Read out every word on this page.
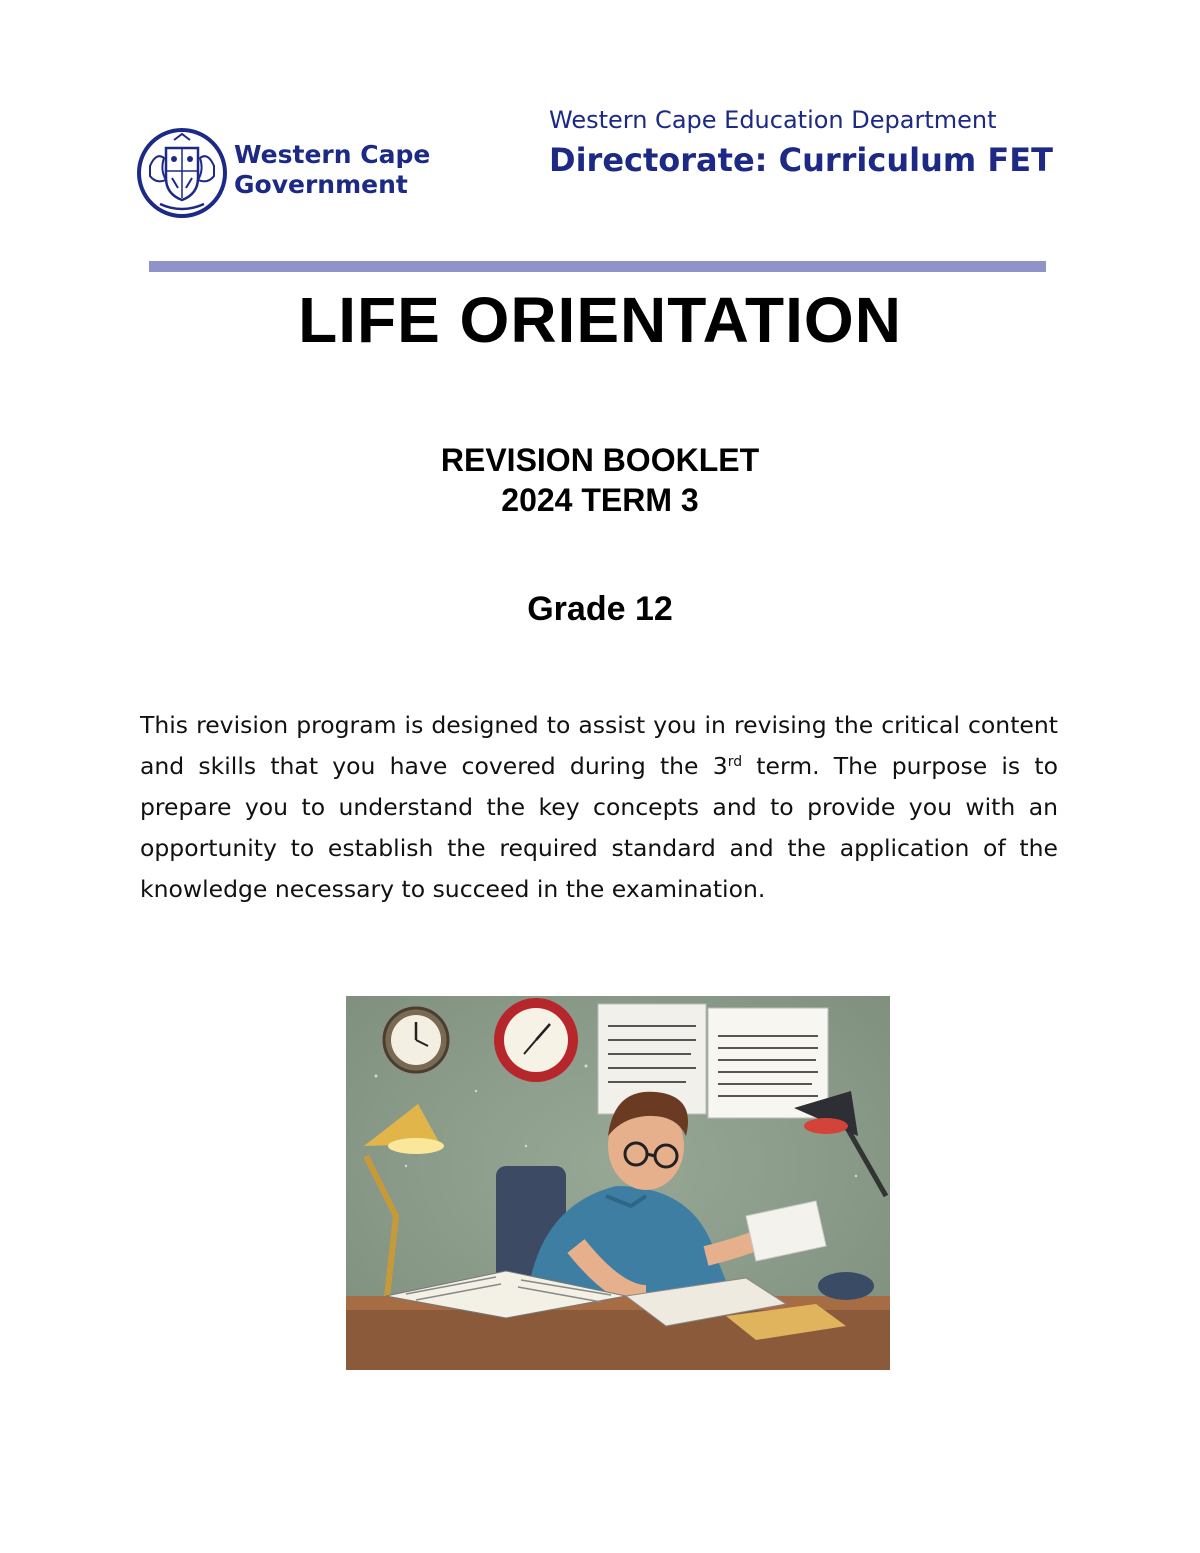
Western Cape
Government
Western Cape Education Department
Directorate: Curriculum FET
LIFE ORIENTATION
REVISION BOOKLET
2024 TERM 3
Grade 12

This revision program is designed to assist you in revising the critical content and skills that you have covered during the 3rd term. The purpose is to prepare you to understand the key concepts and to provide you with an opportunity to establish the required standard and the application of the knowledge necessary to succeed in the examination.
